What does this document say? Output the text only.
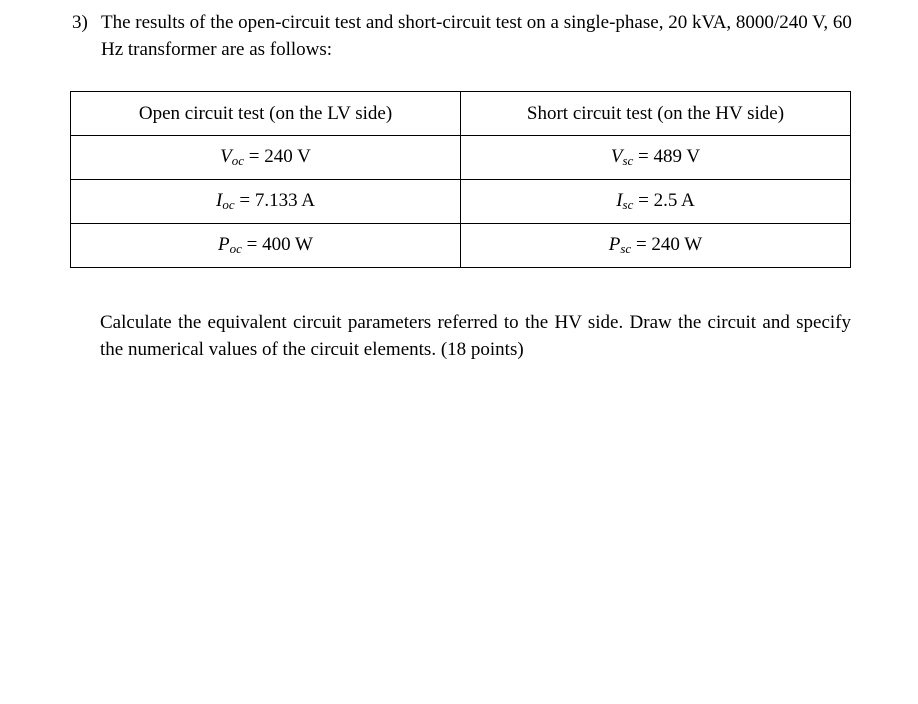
3) The results of the open-circuit test and short-circuit test on a single-phase, 20 kVA, 8000/240 V, 60 Hz transformer are as follows:
Open circuit test (on the LV side)	Short circuit test (on the HV side)
$V_{oc} = 240$ V	$V_{sc} = 489$ V
$I_{oc} = 7.133$ A	$I_{sc} = 2.5$ A
$P_{oc} = 400$ W	$P_{sc} = 240$ W
Calculate the equivalent circuit parameters referred to the HV side. Draw the circuit and specify the numerical values of the circuit elements. (18 points)
